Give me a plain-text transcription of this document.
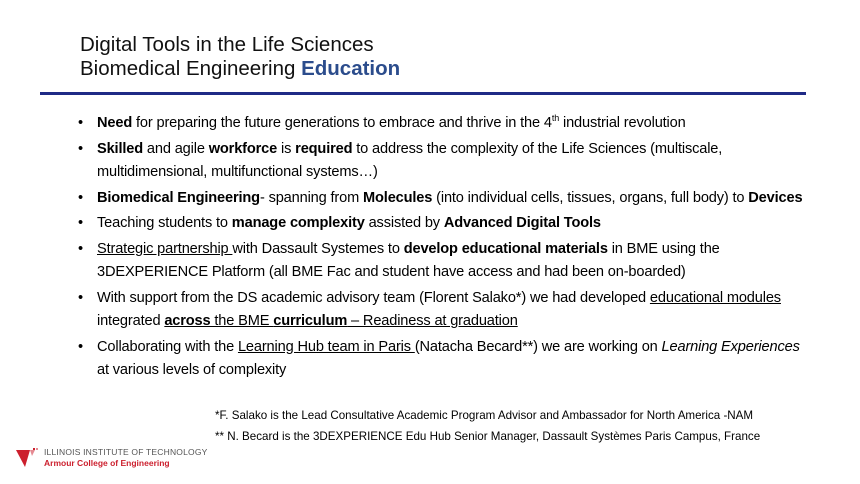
Digital Tools in the Life Sciences
Biomedical Engineering Education
• Need for preparing the future generations to embrace and thrive in the 4th industrial revolution
• Skilled and agile workforce is required to address the complexity of the Life Sciences (multiscale, multidimensional, multifunctional systems…)
• Biomedical Engineering- spanning from Molecules (into individual cells, tissues, organs, full body) to Devices
• Teaching students to manage complexity assisted by Advanced Digital Tools
• Strategic partnership with Dassault Systemes to develop educational materials in BME using the 3DEXPERIENCE Platform (all BME Fac and student have access and had been on-boarded)
• With support from the DS academic advisory team (Florent Salako*) we had developed educational modules integrated across the BME curriculum – Readiness at graduation
• Collaborating with the Learning Hub team in Paris (Natacha Becard**) we are working on Learning Experiences at various levels of complexity
*F. Salako is the Lead Consultative Academic Program Advisor and Ambassador for North America -NAM
** N. Becard is the 3DEXPERIENCE Edu Hub Senior Manager, Dassault Systèmes Paris Campus, France
ILLINOIS INSTITUTE OF TECHNOLOGY
Armour College of Engineering
